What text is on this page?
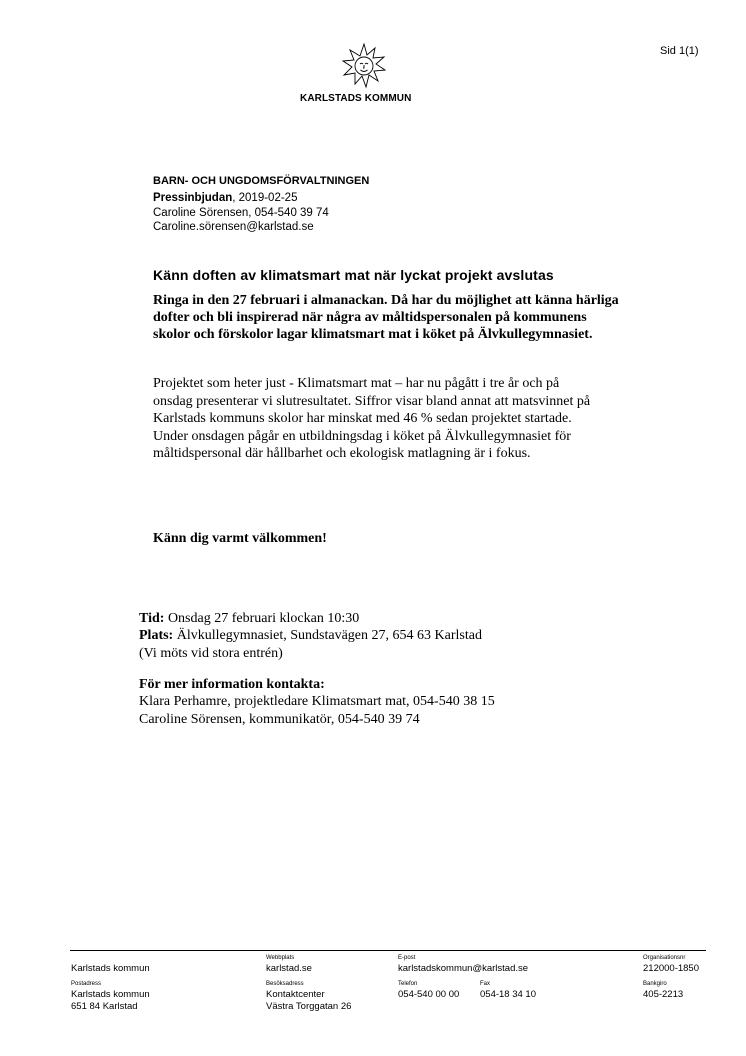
Sid 1(1)
KARLSTADS KOMMUN
BARN- OCH UNGDOMSFÖRVALTNINGEN
Pressinbjudan, 2019-02-25
Caroline Sörensen, 054-540 39 74
Caroline.sörensen@karlstad.se
Känn doften av klimatsmart mat när lyckat projekt avslutas
Ringa in den 27 februari i almanackan. Då har du möjlighet att känna härliga dofter och bli inspirerad när några av måltidspersonalen på kommunens skolor och förskolor lagar klimatsmart mat i köket på Älvkullegymnasiet.
Projektet som heter just - Klimatsmart mat – har nu pågått i tre år och på onsdag presenterar vi slutresultatet. Siffror visar bland annat att matsvinnet på Karlstads kommuns skolor har minskat med 46 % sedan projektet startade. Under onsdagen pågår en utbildningsdag i köket på Älvkullegymnasiet för måltidspersonal där hållbarhet och ekologisk matlagning är i fokus.
Känn dig varmt välkommen!
Tid: Onsdag 27 februari klockan 10:30
Plats: Älvkullegymnasiet, Sundstavägen 27, 654 63 Karlstad
(Vi möts vid stora entrén)
För mer information kontakta:
Klara Perhamre, projektledare Klimatsmart mat, 054-540 38 15
Caroline Sörensen, kommunikatör, 054-540 39 74
Karlstads kommun
Webbplats
karlstad.se
E-post
karlstadskommun@karlstad.se
Organisationsnr
212000-1850
Postadress
Karlstads kommun
651 84 Karlstad
Besöksadress
Kontaktcenter
Västra Torggatan 26
Telefon
054-540 00 00
Fax
054-18 34 10
Bankgiro
405-2213
